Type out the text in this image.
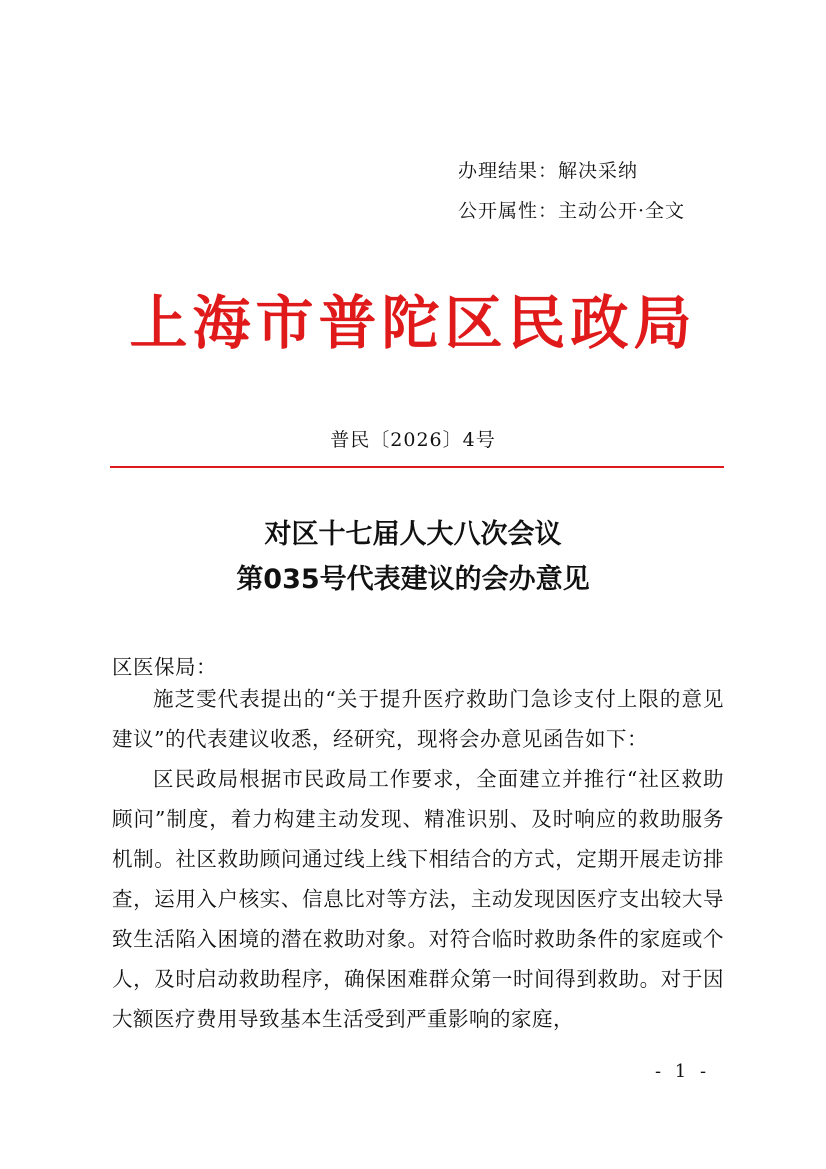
办理结果：解决采纳
公开属性：主动公开·全文
上海市普陀区民政局
普民〔2026〕4号
对区十七届人大八次会议
第035号代表建议的会办意见
区医保局：
施芝雯代表提出的“关于提升医疗救助门急诊支付上限的意见建议”的代表建议收悉，经研究，现将会办意见函告如下：
区民政局根据市民政局工作要求，全面建立并推行“社区救助顾问”制度，着力构建主动发现、精准识别、及时响应的救助服务机制。社区救助顾问通过线上线下相结合的方式，定期开展走访排查，运用入户核实、信息比对等方法，主动发现因医疗支出较大导致生活陷入困境的潜在救助对象。对符合临时救助条件的家庭或个人，及时启动救助程序，确保困难群众第一时间得到救助。对于因大额医疗费用导致基本生活受到严重影响的家庭，
- 1 -
